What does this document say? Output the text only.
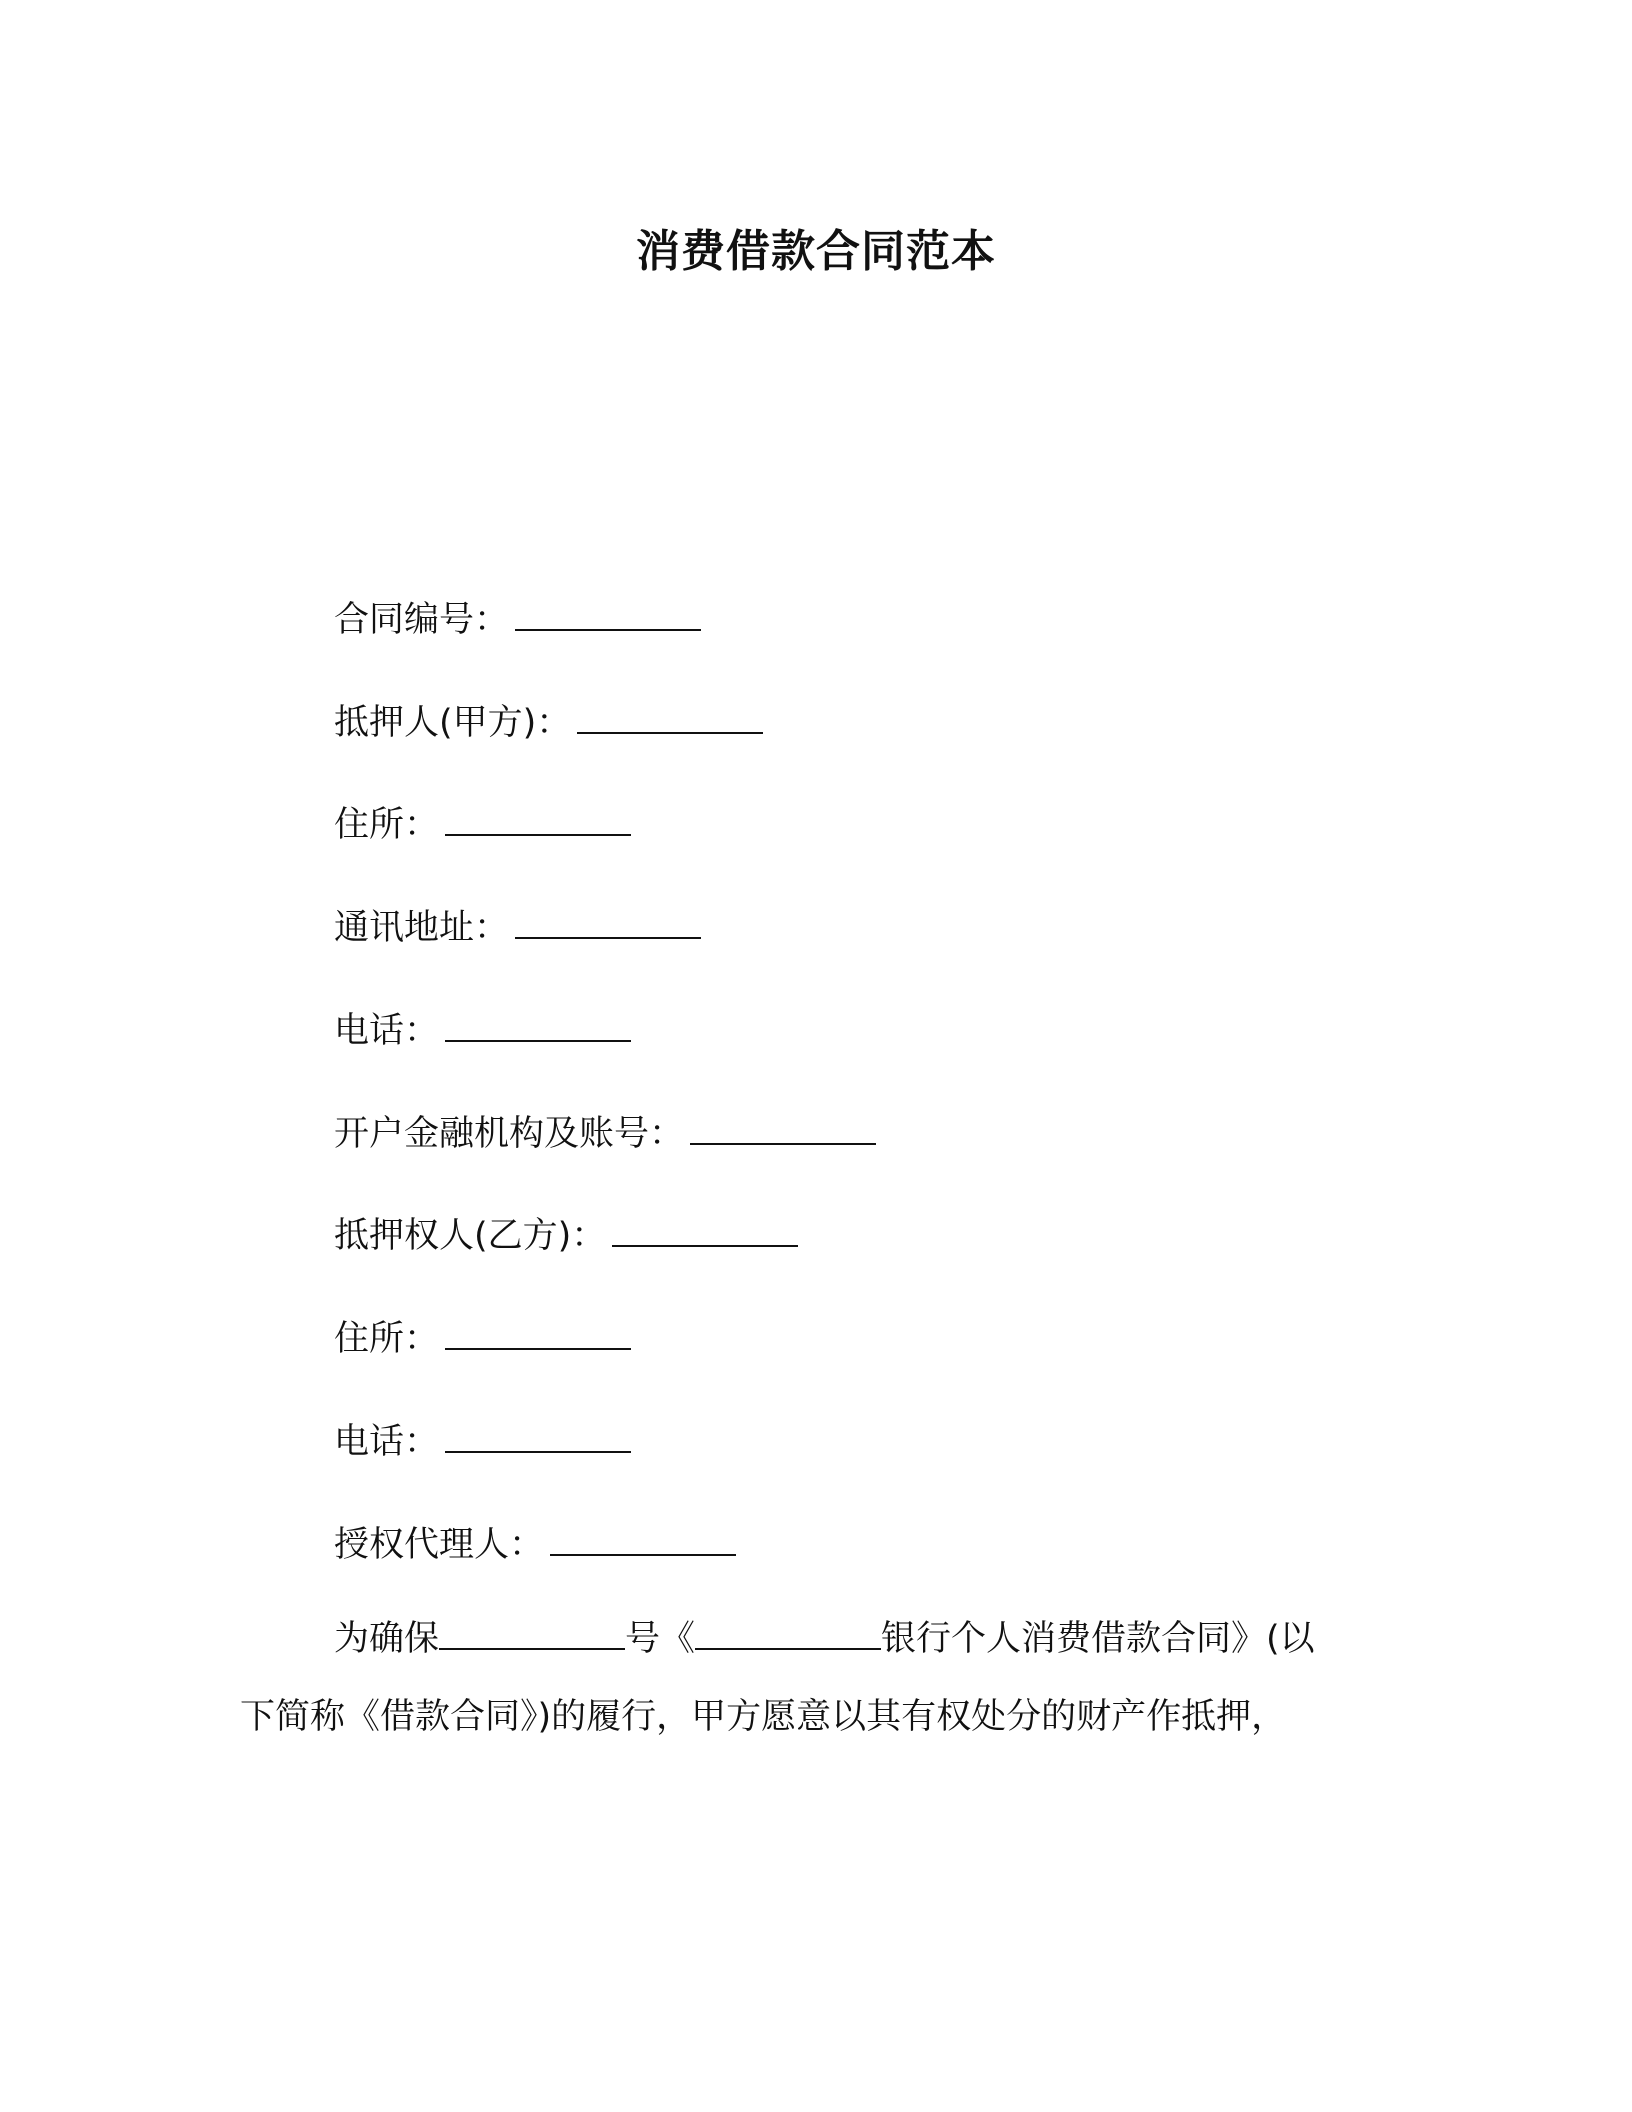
消费借款合同范本
合同编号：
抵押人(甲方)：
住所：
通讯地址：
电话：
开户金融机构及账号：
抵押权人(乙方)：
住所：
电话：
授权代理人：
为确保	号《	银行个人消费借款合同》(以
下简称《借款合同》)的履行，甲方愿意以其有权处分的财产作抵押，
